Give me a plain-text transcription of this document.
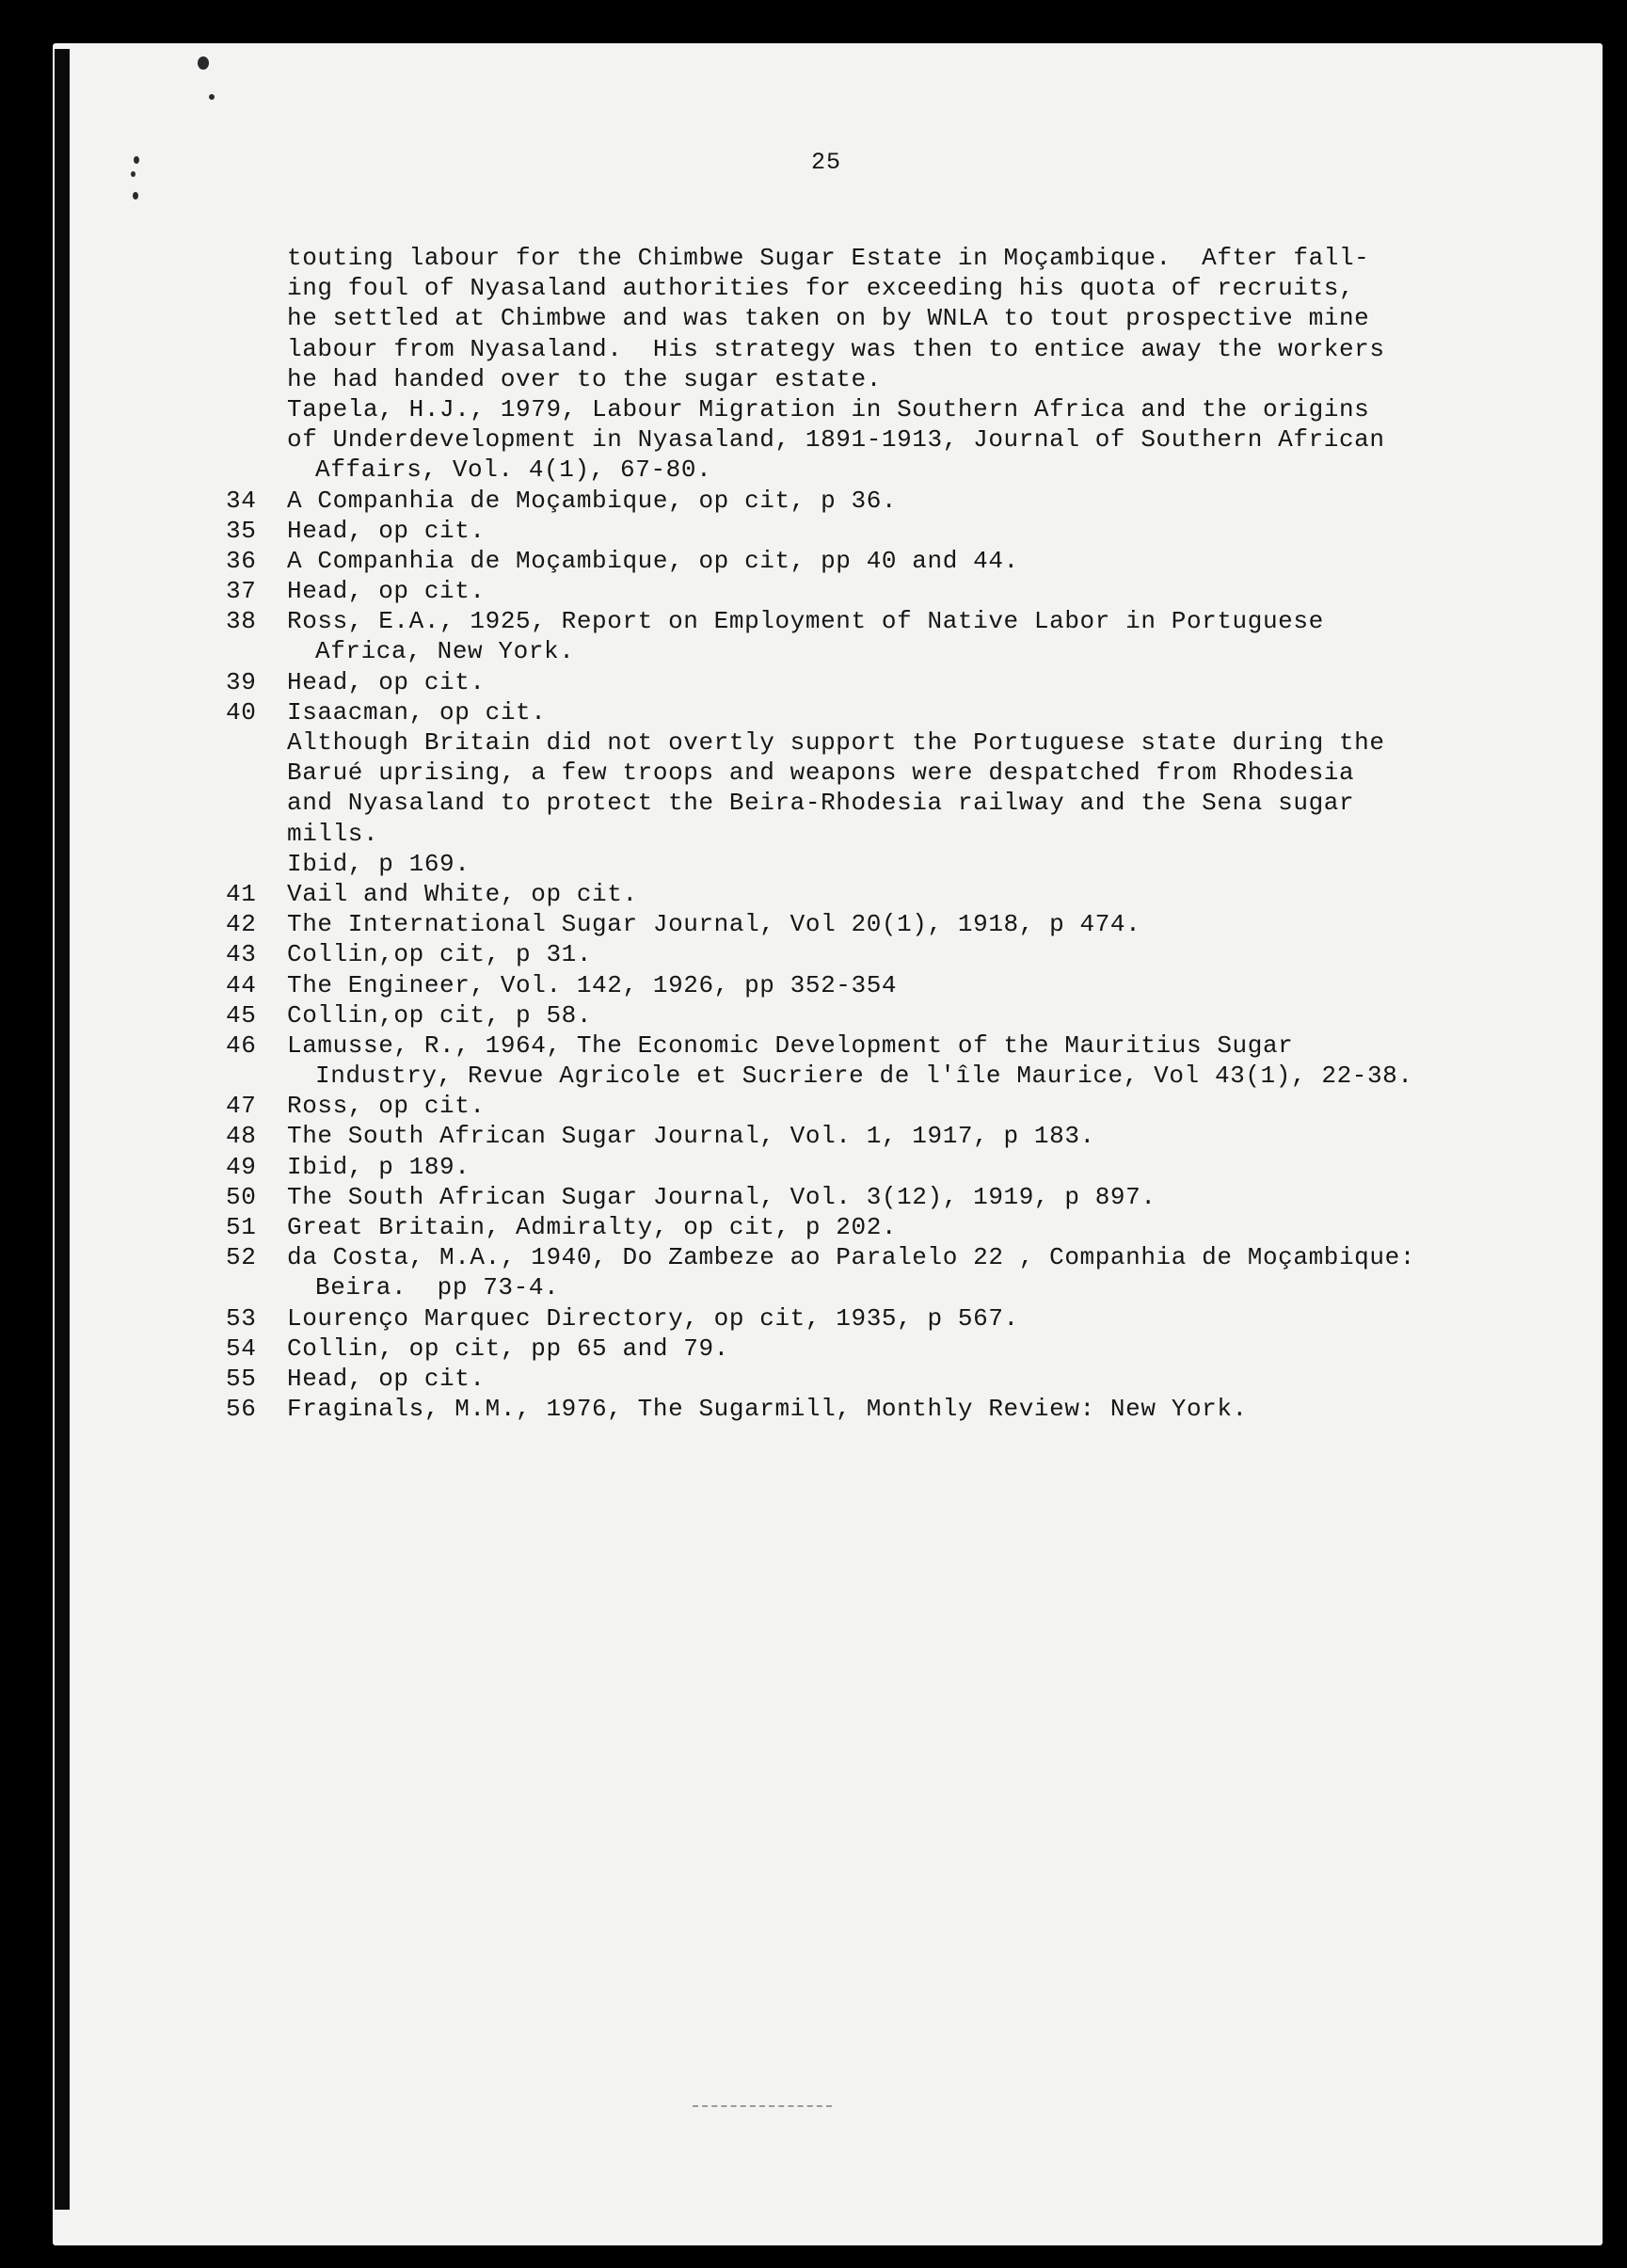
25
touting labour for the Chimbwe Sugar Estate in Moçambique.  After fall-
ing foul of Nyasaland authorities for exceeding his quota of recruits,
he settled at Chimbwe and was taken on by WNLA to tout prospective mine
labour from Nyasaland.  His strategy was then to entice away the workers
he had handed over to the sugar estate.
Tapela, H.J., 1979, Labour Migration in Southern Africa and the origins
of Underdevelopment in Nyasaland, 1891-1913, Journal of Southern African
Affairs, Vol. 4(1), 67-80.
34 A Companhia de Moçambique, op cit, p 36.
35 Head, op cit.
36 A Companhia de Moçambique, op cit, pp 40 and 44.
37 Head, op cit.
38 Ross, E.A., 1925, Report on Employment of Native Labor in Portuguese
Africa, New York.
39 Head, op cit.
40 Isaacman, op cit.
Although Britain did not overtly support the Portuguese state during the
Barué uprising, a few troops and weapons were despatched from Rhodesia
and Nyasaland to protect the Beira-Rhodesia railway and the Sena sugar
mills.
Ibid, p 169.
41 Vail and White, op cit.
42 The International Sugar Journal, Vol 20(1), 1918, p 474.
43 Collin,op cit, p 31.
44 The Engineer, Vol. 142, 1926, pp 352-354
45 Collin,op cit, p 58.
46 Lamusse, R., 1964, The Economic Development of the Mauritius Sugar
Industry, Revue Agricole et Sucriere de l'île Maurice, Vol 43(1), 22-38.
47 Ross, op cit.
48 The South African Sugar Journal, Vol. 1, 1917, p 183.
49 Ibid, p 189.
50 The South African Sugar Journal, Vol. 3(12), 1919, p 897.
51 Great Britain, Admiralty, op cit, p 202.
52 da Costa, M.A., 1940, Do Zambeze ao Paralelo 22 , Companhia de Moçambique:
Beira.  pp 73-4.
53 Lourenço Marquec Directory, op cit, 1935, p 567.
54 Collin, op cit, pp 65 and 79.
55 Head, op cit.
56 Fraginals, M.M., 1976, The Sugarmill, Monthly Review: New York.
